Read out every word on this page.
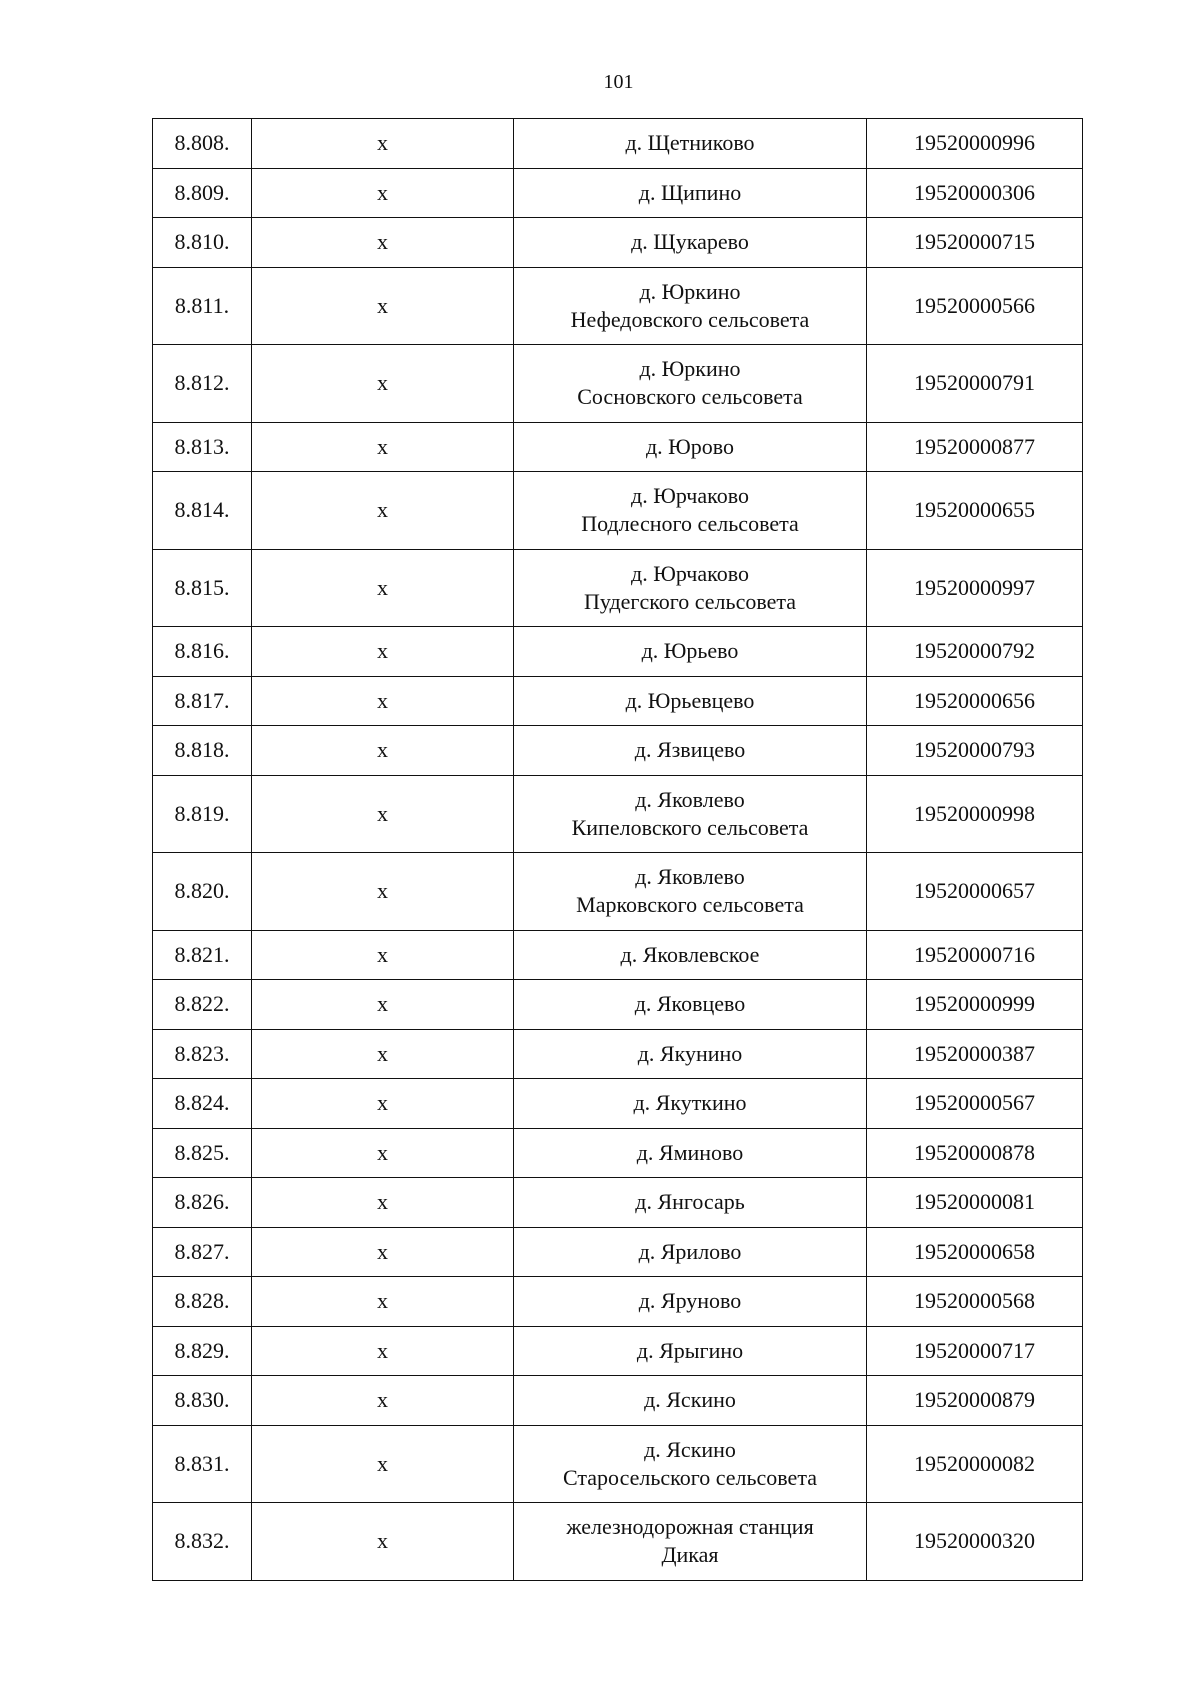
101
8.808.	х	д. Щетниково	19520000996
8.809.	х	д. Щипино	19520000306
8.810.	х	д. Щукарево	19520000715
8.811.	х	д. Юркино
Нефедовского сельсовета	19520000566
8.812.	х	д. Юркино
Сосновского сельсовета	19520000791
8.813.	х	д. Юрово	19520000877
8.814.	х	д. Юрчаково
Подлесного сельсовета	19520000655
8.815.	х	д. Юрчаково
Пудегского сельсовета	19520000997
8.816.	х	д. Юрьево	19520000792
8.817.	х	д. Юрьевцево	19520000656
8.818.	х	д. Язвицево	19520000793
8.819.	х	д. Яковлево
Кипеловского сельсовета	19520000998
8.820.	х	д. Яковлево
Марковского сельсовета	19520000657
8.821.	х	д. Яковлевское	19520000716
8.822.	х	д. Яковцево	19520000999
8.823.	х	д. Якунино	19520000387
8.824.	х	д. Якуткино	19520000567
8.825.	х	д. Яминово	19520000878
8.826.	х	д. Янгосарь	19520000081
8.827.	х	д. Ярилово	19520000658
8.828.	х	д. Яруново	19520000568
8.829.	х	д. Ярыгино	19520000717
8.830.	х	д. Яскино	19520000879
8.831.	х	д. Яскино
Старосельского сельсовета	19520000082
8.832.	х	железнодорожная станция
Дикая	19520000320
